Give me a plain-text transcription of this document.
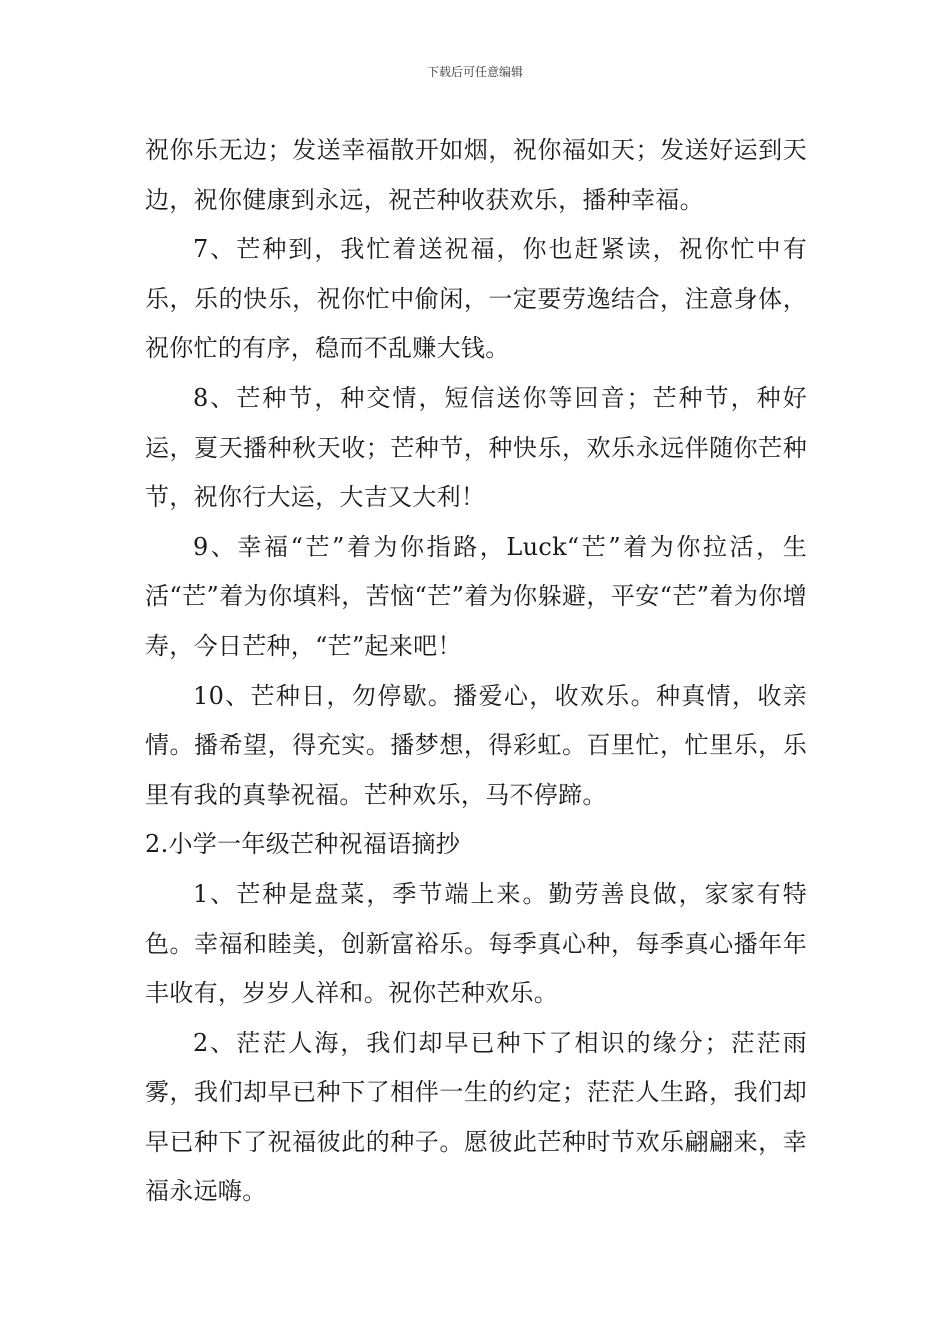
下载后可任意编辑

祝你乐无边；发送幸福散开如烟，祝你福如天；发送好运到天边，祝你健康到永远，祝芒种收获欢乐，播种幸福。

7、芒种到，我忙着送祝福，你也赶紧读，祝你忙中有乐，乐的快乐，祝你忙中偷闲，一定要劳逸结合，注意身体，祝你忙的有序，稳而不乱赚大钱。

8、芒种节，种交情，短信送你等回音；芒种节，种好运，夏天播种秋天收；芒种节，种快乐，欢乐永远伴随你芒种节，祝你行大运，大吉又大利！

9、幸福“芒”着为你指路，Luck“芒”着为你拉活，生活“芒”着为你填料，苦恼“芒”着为你躲避，平安“芒”着为你增寿，今日芒种，“芒”起来吧！

10、芒种日，勿停歇。播爱心，收欢乐。种真情，收亲情。播希望，得充实。播梦想，得彩虹。百里忙，忙里乐，乐里有我的真挚祝福。芒种欢乐，马不停蹄。

2.小学一年级芒种祝福语摘抄

1、芒种是盘菜，季节端上来。勤劳善良做，家家有特色。幸福和睦美，创新富裕乐。每季真心种，每季真心播年年丰收有，岁岁人祥和。祝你芒种欢乐。

2、茫茫人海，我们却早已种下了相识的缘分；茫茫雨雾，我们却早已种下了相伴一生的约定；茫茫人生路，我们却早已种下了祝福彼此的种子。愿彼此芒种时节欢乐翩翩来，幸福永远嗨。
